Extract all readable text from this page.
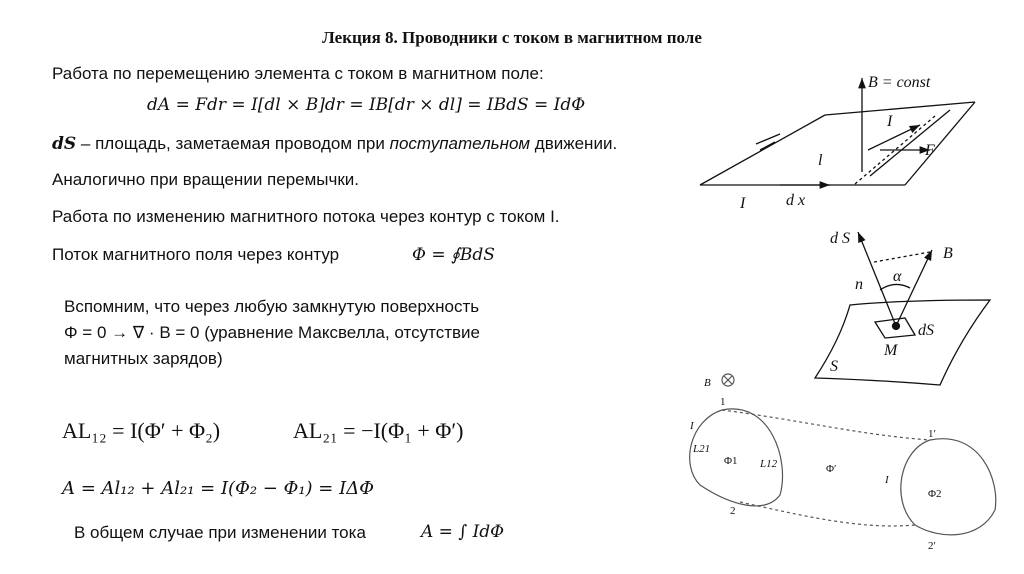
Лекция 8. Проводники с током в магнитном поле
Работа по перемещению элемента с током в магнитном поле:
dA = Fdr = I[dl × B]dr = IB[dr × dl] = IBdS = IdΦ
dS – площадь, заметаемая проводом при поступательном движении.
Аналогично при вращении перемычки.
Работа по изменению магнитного потока через контур с током I.
Поток магнитного поля через контур	Φ = ∮BdS
Вспомним, что через любую замкнутую поверхность
Φ = 0 → ∇ · B = 0 (уравнение Максвелла, отсутствие
магнитных зарядов)
AL₁₂ = I(Φ′ + Φ₂)	AL₂₁ = −I(Φ₁ + Φ′)
A = Al₁₂ + Al₂₁ = I(Φ₂ − Φ₁) = IΔΦ
В общем случае при изменении тока	A = ∫ IdΦ
B = const
I
l
F
I	d x
d S
B
α
n
M
dS
S
B
1
1′
2
2′
I
I
L21
L12
Φ1
Φ′
Φ2
